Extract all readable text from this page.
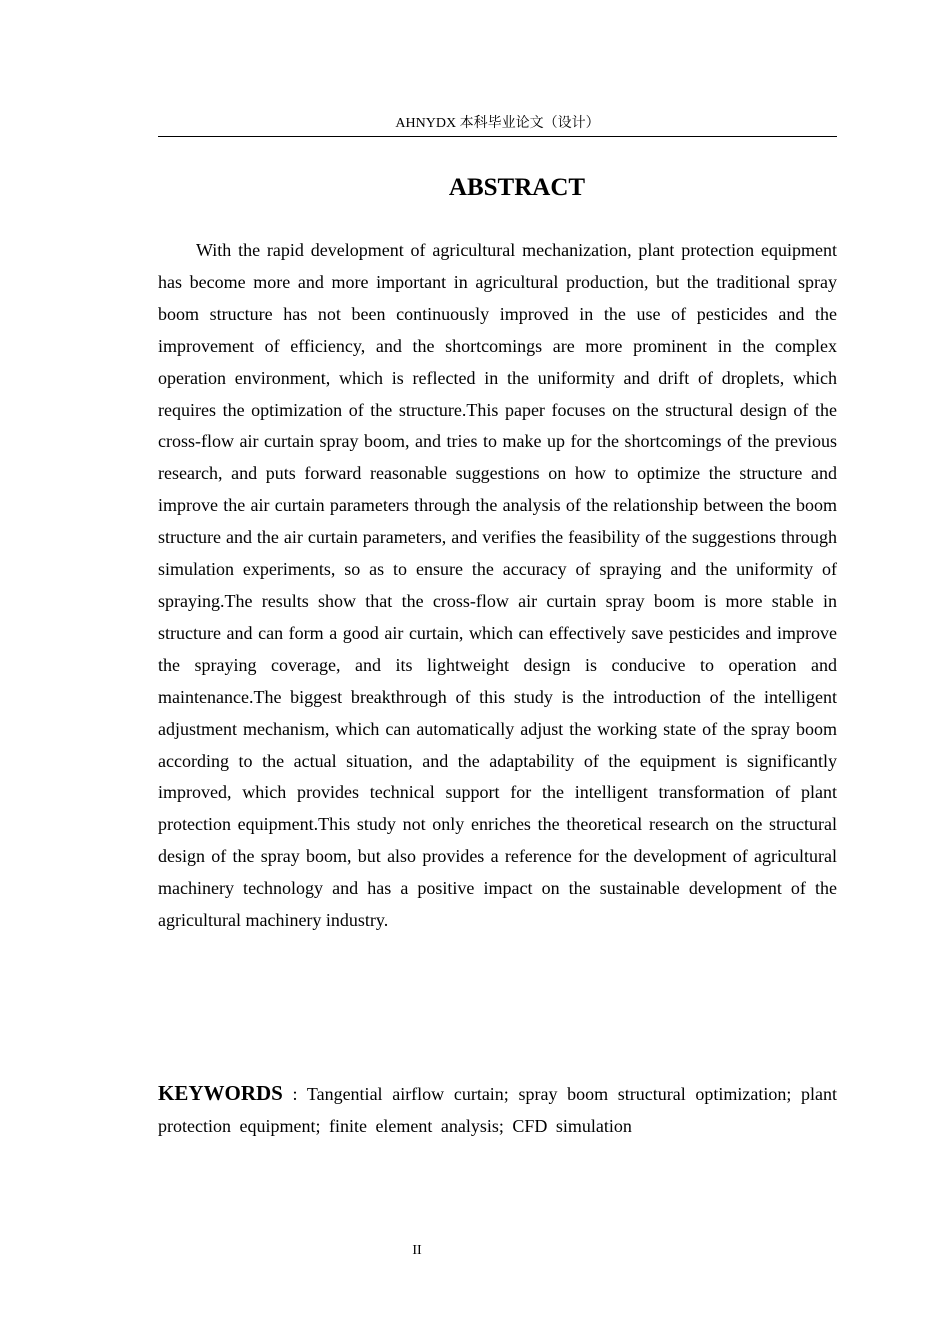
AHNYDX 本科毕业论文（设计）
ABSTRACT

With the rapid development of agricultural mechanization, plant protection equipment has become more and more important in agricultural production, but the traditional spray boom structure has not been continuously improved in the use of pesticides and the improvement of efficiency, and the shortcomings are more prominent in the complex operation environment, which is reflected in the uniformity and drift of droplets, which requires the optimization of the structure.This paper focuses on the structural design of the cross-flow air curtain spray boom, and tries to make up for the shortcomings of the previous research, and puts forward reasonable suggestions on how to optimize the structure and improve the air curtain parameters through the analysis of the relationship between the boom structure and the air curtain parameters, and verifies the feasibility of the suggestions through simulation experiments, so as to ensure the accuracy of spraying and the uniformity of spraying.The results show that the cross-flow air curtain spray boom is more stable in structure and can form a good air curtain, which can effectively save pesticides and improve the spraying coverage, and its lightweight design is conducive to operation and maintenance.The biggest breakthrough of this study is the introduction of the intelligent adjustment mechanism, which can automatically adjust the working state of the spray boom according to the actual situation, and the adaptability of the equipment is significantly improved, which provides technical support for the intelligent transformation of plant protection equipment.This study not only enriches the theoretical research on the structural design of the spray boom, but also provides a reference for the development of agricultural machinery technology and has a positive impact on the sustainable development of the agricultural machinery industry.

KEYWORDS : Tangential airflow curtain; spray boom structural optimization; plant protection equipment; finite element analysis; CFD simulation

II
